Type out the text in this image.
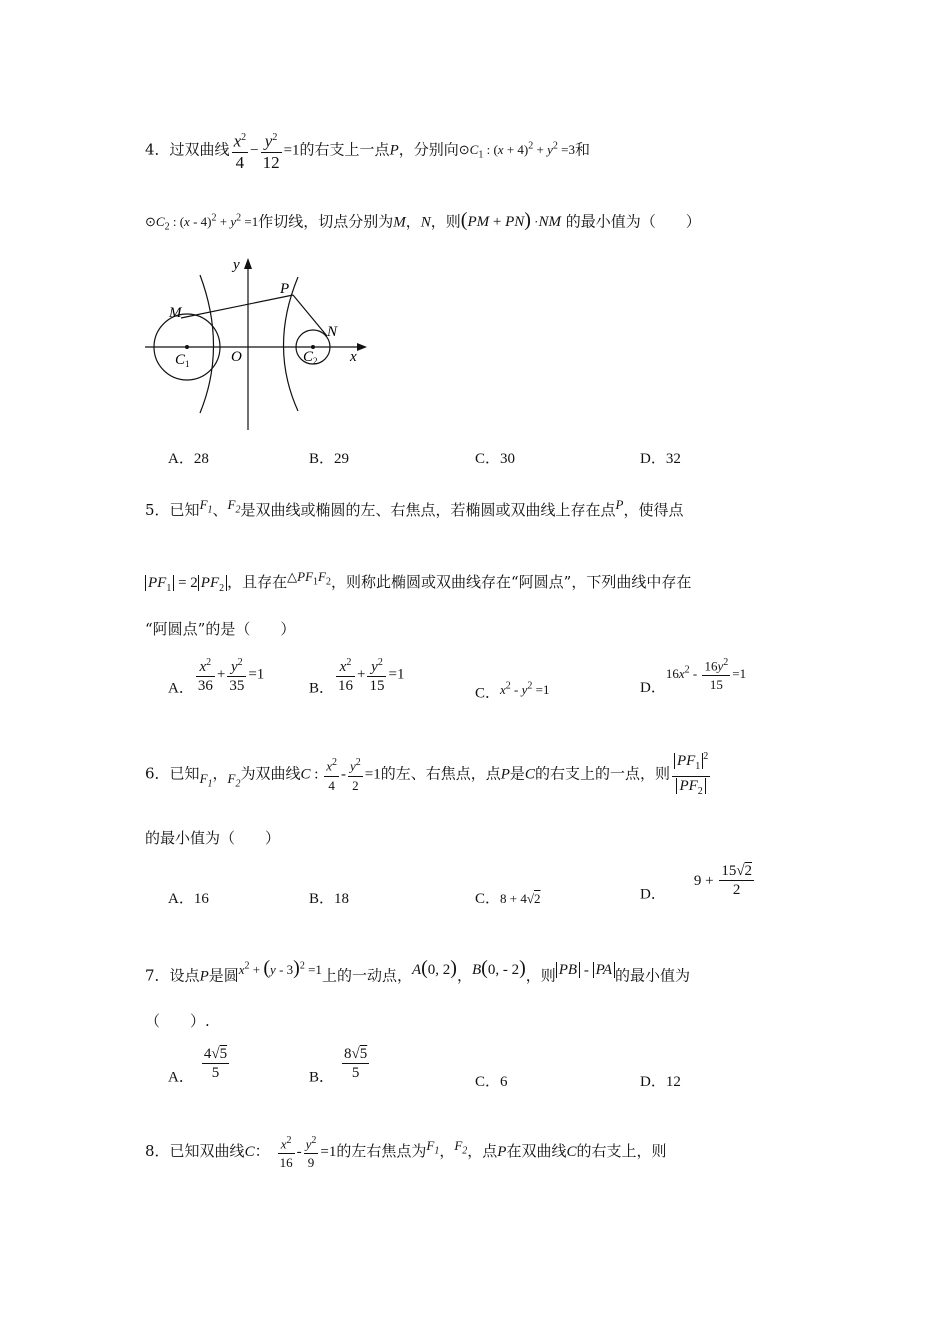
4．过双曲线 $\frac{x^2}{4} - \frac{y^2}{12} =1$的右支上一点P，分别向$⊙C_1$ : $(x + 4)^2 + y^2 =3$和
$⊙C_2$ : $(x - 4)^2 + y^2 =1$作切线，切点分别为M，N，则(PM + PN) ·NM 的最小值为（　　）
y
x
O
P
M
N
C 1	C 2
A．28	B．29	C．30	D．32
5．已知$F_1$、$F_2$是双曲线或椭圆的左、右焦点，若椭圆或双曲线上存在点P，使得点
$PF_1 = 2$ $PF_2$ ，且存在$\triangle PF_1F_2$，则称此椭圆或双曲线存在“阿圆点”，下列曲线中存在
“阿圆点”的是（　　）
A． $\frac{x^2}{36} + \frac{y^2}{35} =1$
B． $\frac{x^2}{16} + \frac{y^2}{15} =1$
C．$x^2 - y^2 =1$	D．$16x^2 - \frac{16y^2}{15} =1$
6．已知$F_1$，$F_2$为双曲线C : $\frac{x^2}{4} - \frac{y^2}{2} =1$的左、右焦点，点P是C的右支上的一点，则 $\frac{PF_1^2}{PF_2}$
的最小值为（　　）
A．16	B．18	C．8 + 4√2	D．$9 + \frac{15√2}{2}$
7．设点P是圆$x^2 + (y - 3)^2 =1$上的一动点，A(0, 2)，B(0, - 2)，则 PB - PA 的最小值为
（　　）.
A． $\frac{4√5}{5}$	B． $\frac{8√5}{5}$	C．6	D．12
8．已知双曲线C： $\frac{x^2}{16} - \frac{y^2}{9} =1$的左右焦点为$F_1$，$F_2$，点P在双曲线C的右支上，则
